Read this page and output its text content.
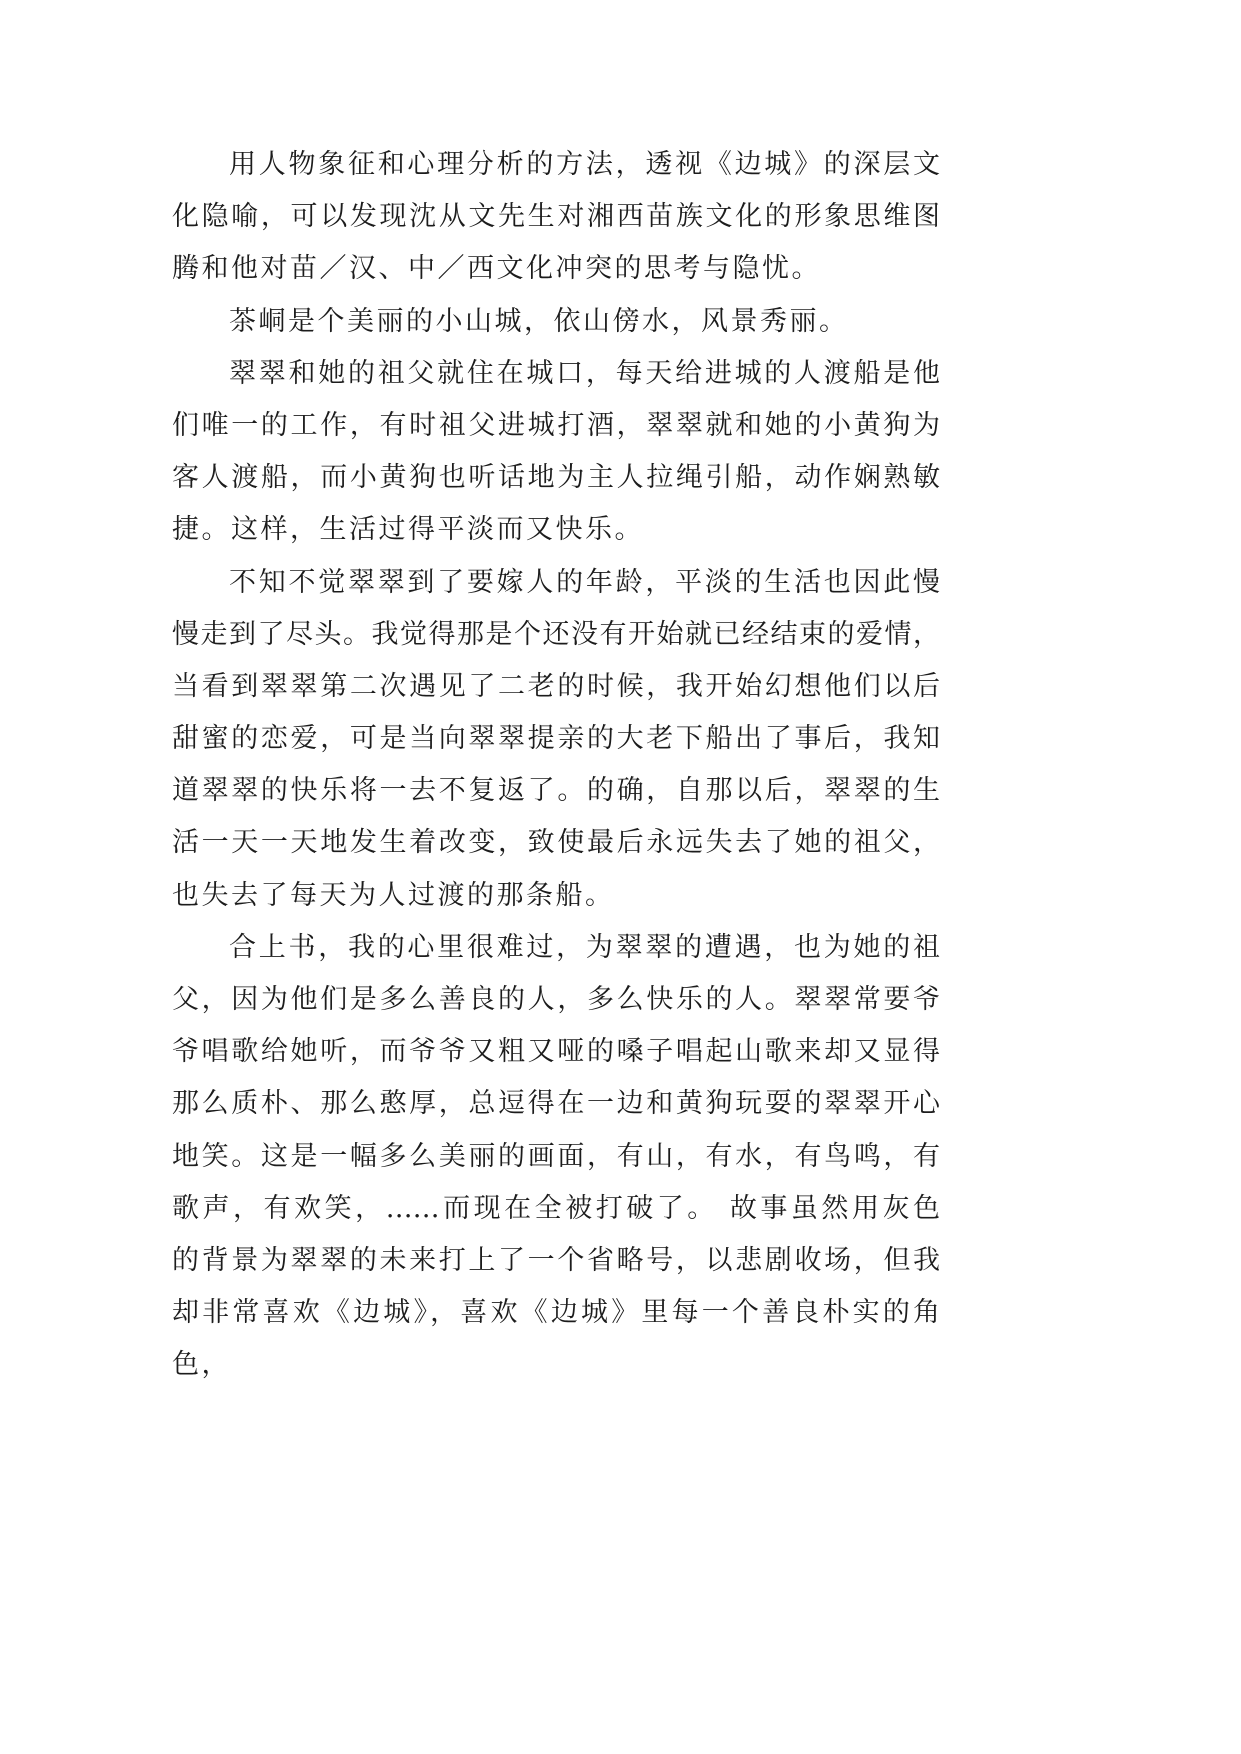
用人物象征和心理分析的方法，透视《边城》的深层文
化隐喻，可以发现沈从文先生对湘西苗族文化的形象思维图
腾和他对苗／汉、中／西文化冲突的思考与隐忧。
茶峒是个美丽的小山城，依山傍水，风景秀丽。
翠翠和她的祖父就住在城口，每天给进城的人渡船是他
们唯一的工作，有时祖父进城打酒，翠翠就和她的小黄狗为
客人渡船，而小黄狗也听话地为主人拉绳引船，动作娴熟敏
捷。这样，生活过得平淡而又快乐。
不知不觉翠翠到了要嫁人的年龄，平淡的生活也因此慢
慢走到了尽头。我觉得那是个还没有开始就已经结束的爱情，
当看到翠翠第二次遇见了二老的时候，我开始幻想他们以后
甜蜜的恋爱，可是当向翠翠提亲的大老下船出了事后，我知
道翠翠的快乐将一去不复返了。的确，自那以后，翠翠的生
活一天一天地发生着改变，致使最后永远失去了她的祖父，
也失去了每天为人过渡的那条船。
合上书，我的心里很难过，为翠翠的遭遇，也为她的祖
父，因为他们是多么善良的人，多么快乐的人。翠翠常要爷
爷唱歌给她听，而爷爷又粗又哑的嗓子唱起山歌来却又显得
那么质朴、那么憨厚，总逗得在一边和黄狗玩耍的翠翠开心
地笑。这是一幅多么美丽的画面，有山，有水，有鸟鸣，有
歌声，有欢笑，……而现在全被打破了。 故事虽然用灰色
的背景为翠翠的未来打上了一个省略号，以悲剧收场，但我
却非常喜欢《边城》，喜欢《边城》里每一个善良朴实的角
色，
